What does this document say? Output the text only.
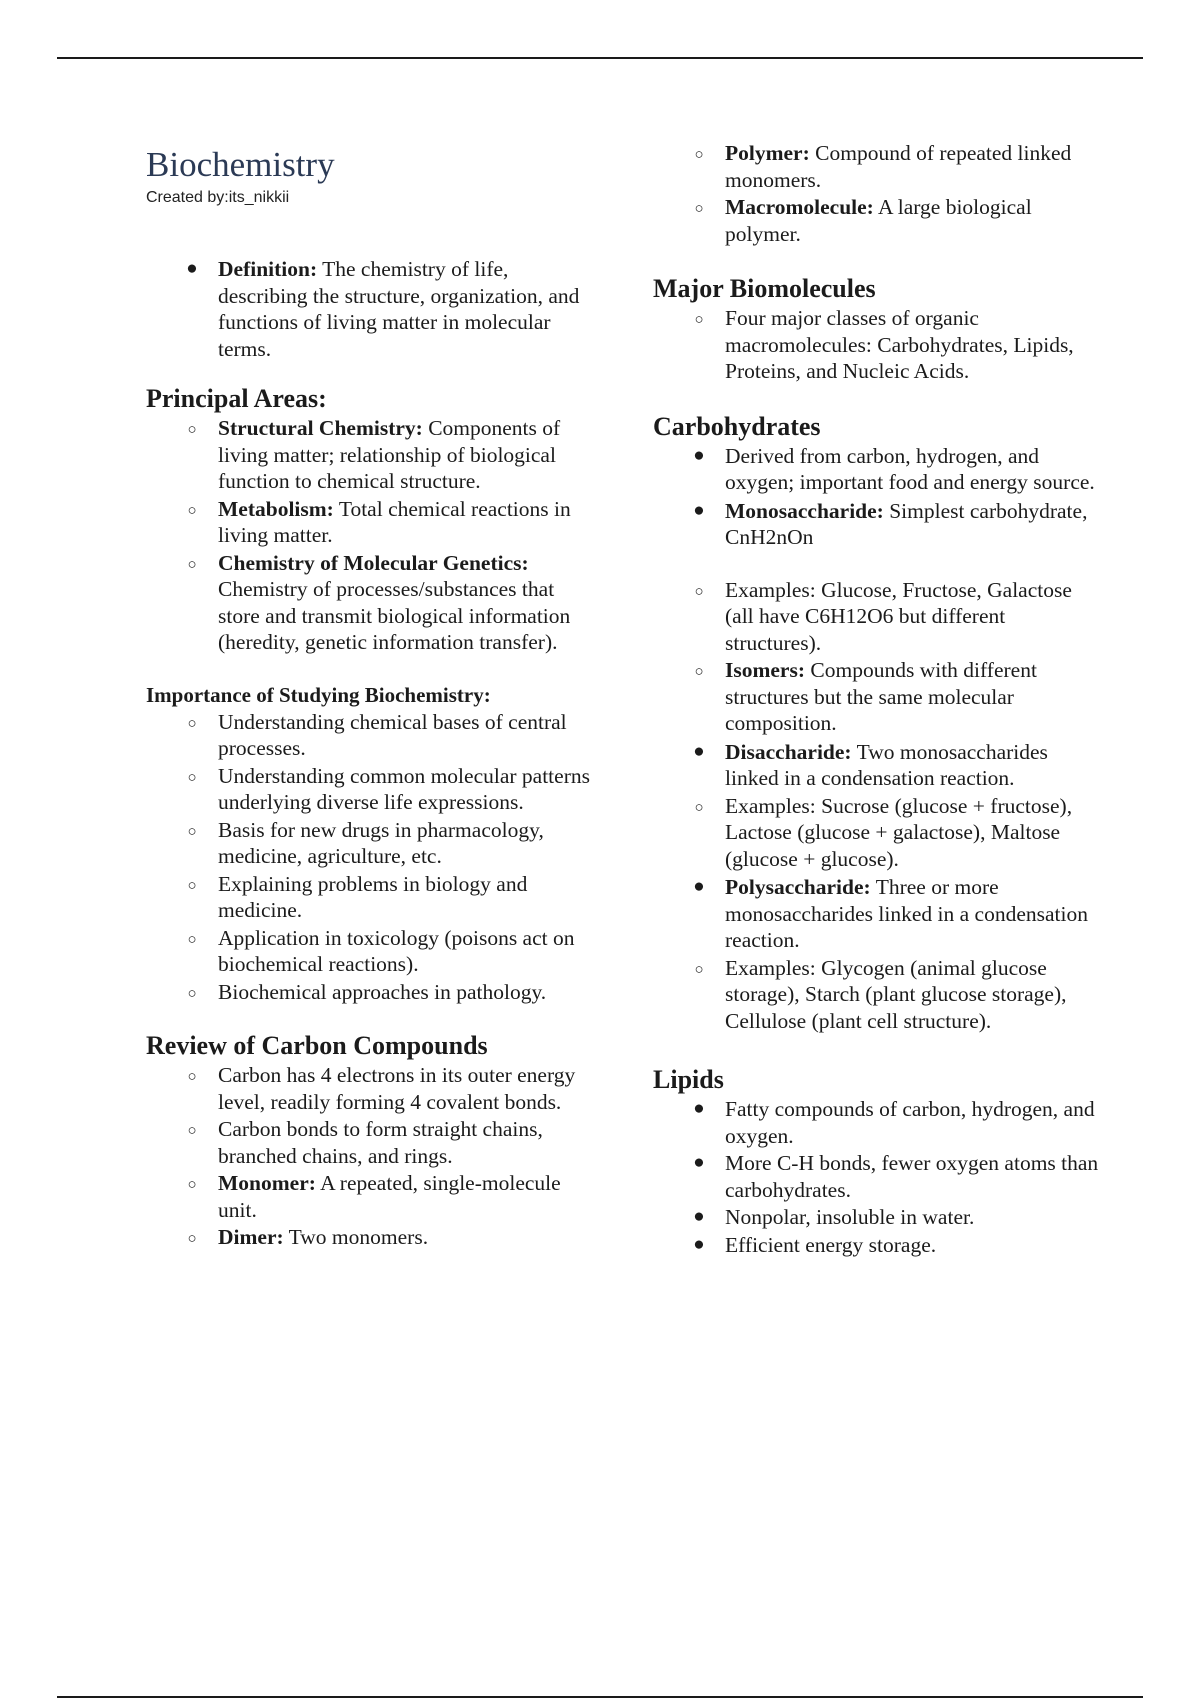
Biochemistry
Created by:its_nikkii
● Definition: The chemistry of life, describing the structure, organization, and functions of living matter in molecular terms.
Principal Areas:
○ Structural Chemistry: Components of living matter; relationship of biological function to chemical structure.
○ Metabolism: Total chemical reactions in living matter.
○ Chemistry of Molecular Genetics: Chemistry of processes/substances that store and transmit biological information (heredity, genetic information transfer).
Importance of Studying Biochemistry:
○ Understanding chemical bases of central processes.
○ Understanding common molecular patterns underlying diverse life expressions.
○ Basis for new drugs in pharmacology, medicine, agriculture, etc.
○ Explaining problems in biology and medicine.
○ Application in toxicology (poisons act on biochemical reactions).
○ Biochemical approaches in pathology.
Review of Carbon Compounds
○ Carbon has 4 electrons in its outer energy level, readily forming 4 covalent bonds.
○ Carbon bonds to form straight chains, branched chains, and rings.
○ Monomer: A repeated, single-molecule unit.
○ Dimer: Two monomers.
○ Polymer: Compound of repeated linked monomers.
○ Macromolecule: A large biological polymer.
Major Biomolecules
○ Four major classes of organic macromolecules: Carbohydrates, Lipids, Proteins, and Nucleic Acids.
Carbohydrates
● Derived from carbon, hydrogen, and oxygen; important food and energy source.
● Monosaccharide: Simplest carbohydrate, CnH2nOn
○ Examples: Glucose, Fructose, Galactose (all have C6H12O6 but different structures).
○ Isomers: Compounds with different structures but the same molecular composition.
● Disaccharide: Two monosaccharides linked in a condensation reaction.
○ Examples: Sucrose (glucose + fructose), Lactose (glucose + galactose), Maltose (glucose + glucose).
● Polysaccharide: Three or more monosaccharides linked in a condensation reaction.
○ Examples: Glycogen (animal glucose storage), Starch (plant glucose storage), Cellulose (plant cell structure).
Lipids
● Fatty compounds of carbon, hydrogen, and oxygen.
● More C-H bonds, fewer oxygen atoms than carbohydrates.
● Nonpolar, insoluble in water.
● Efficient energy storage.
